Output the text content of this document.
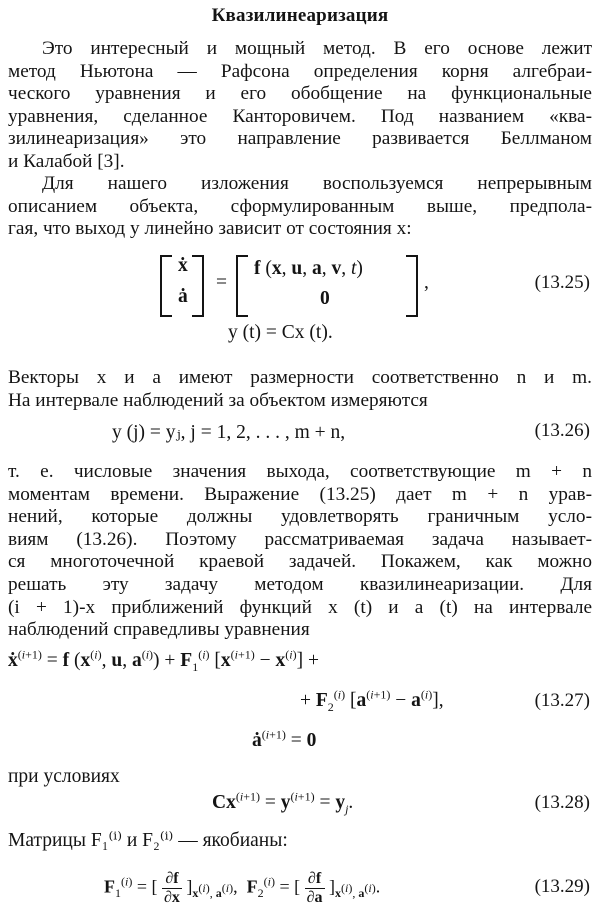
Квазилинеаризация
Это интересный и мощный метод. В его основе лежит
метод Ньютона — Рафсона определения корня алгебраи-
ческого уравнения и его обобщение на функциональные
уравнения, сделанное Канторовичем. Под названием «ква-
зилинеаризация» это направление развивается Беллманом
и Калабой [3].
Для нашего изложения воспользуемся непрерывным
описанием объекта, сформулированным выше, предпола-
гая, что выход y линейно зависит от состояния x:
ẋ
ȧ
=
f (x, u, a, v, t)
0
,	(13.25)
y (t) = Cx (t).
Векторы x и a имеют размерности соответственно n и m.
На интервале наблюдений за объектом измеряются
y (j) = yⱼ, j = 1, 2, . . . , m + n,	(13.26)
т. е. числовые значения выхода, соответствующие m + n
моментам времени. Выражение (13.25) дает m + n урав-
нений, которые должны удовлетворять граничным усло-
виям (13.26). Поэтому рассматриваемая задача называет-
ся многоточечной краевой задачей. Покажем, как можно
решать эту задачу методом квазилинеаризации. Для
(i + 1)-х приближений функций x (t) и a (t) на интервале
наблюдений справедливы уравнения
ẋ$^{(i+1)}$ = f ($x^{(i)}$, u, $a^{(i)}) + F_1^{(i)}$ $[x^{(i+1)} - x^{(i)}]$ +
+ $F_2^{(i)}$ $[a^{(i+1)} - a^{(i)}]$,	(13.27)
$ȧ^{(i+1)} = 0$
при условиях
$Cx^{(i+1)} = y^{(i+1)} = y_j$.	(13.28)
Матрицы F₁⁽ⁱ⁾ и F₂⁽ⁱ⁾ — якобианы:
$F_1^{(i)}$ = [ $\frac{\partial f}{\partial x} ]_{x^{(i)}, a^{(i)}}$,  $F_2^{(i)}$ = [ $\frac{\partial f}{\partial a} ]_{x^{(i)}, a^{(i)}}$.	(13.29)
